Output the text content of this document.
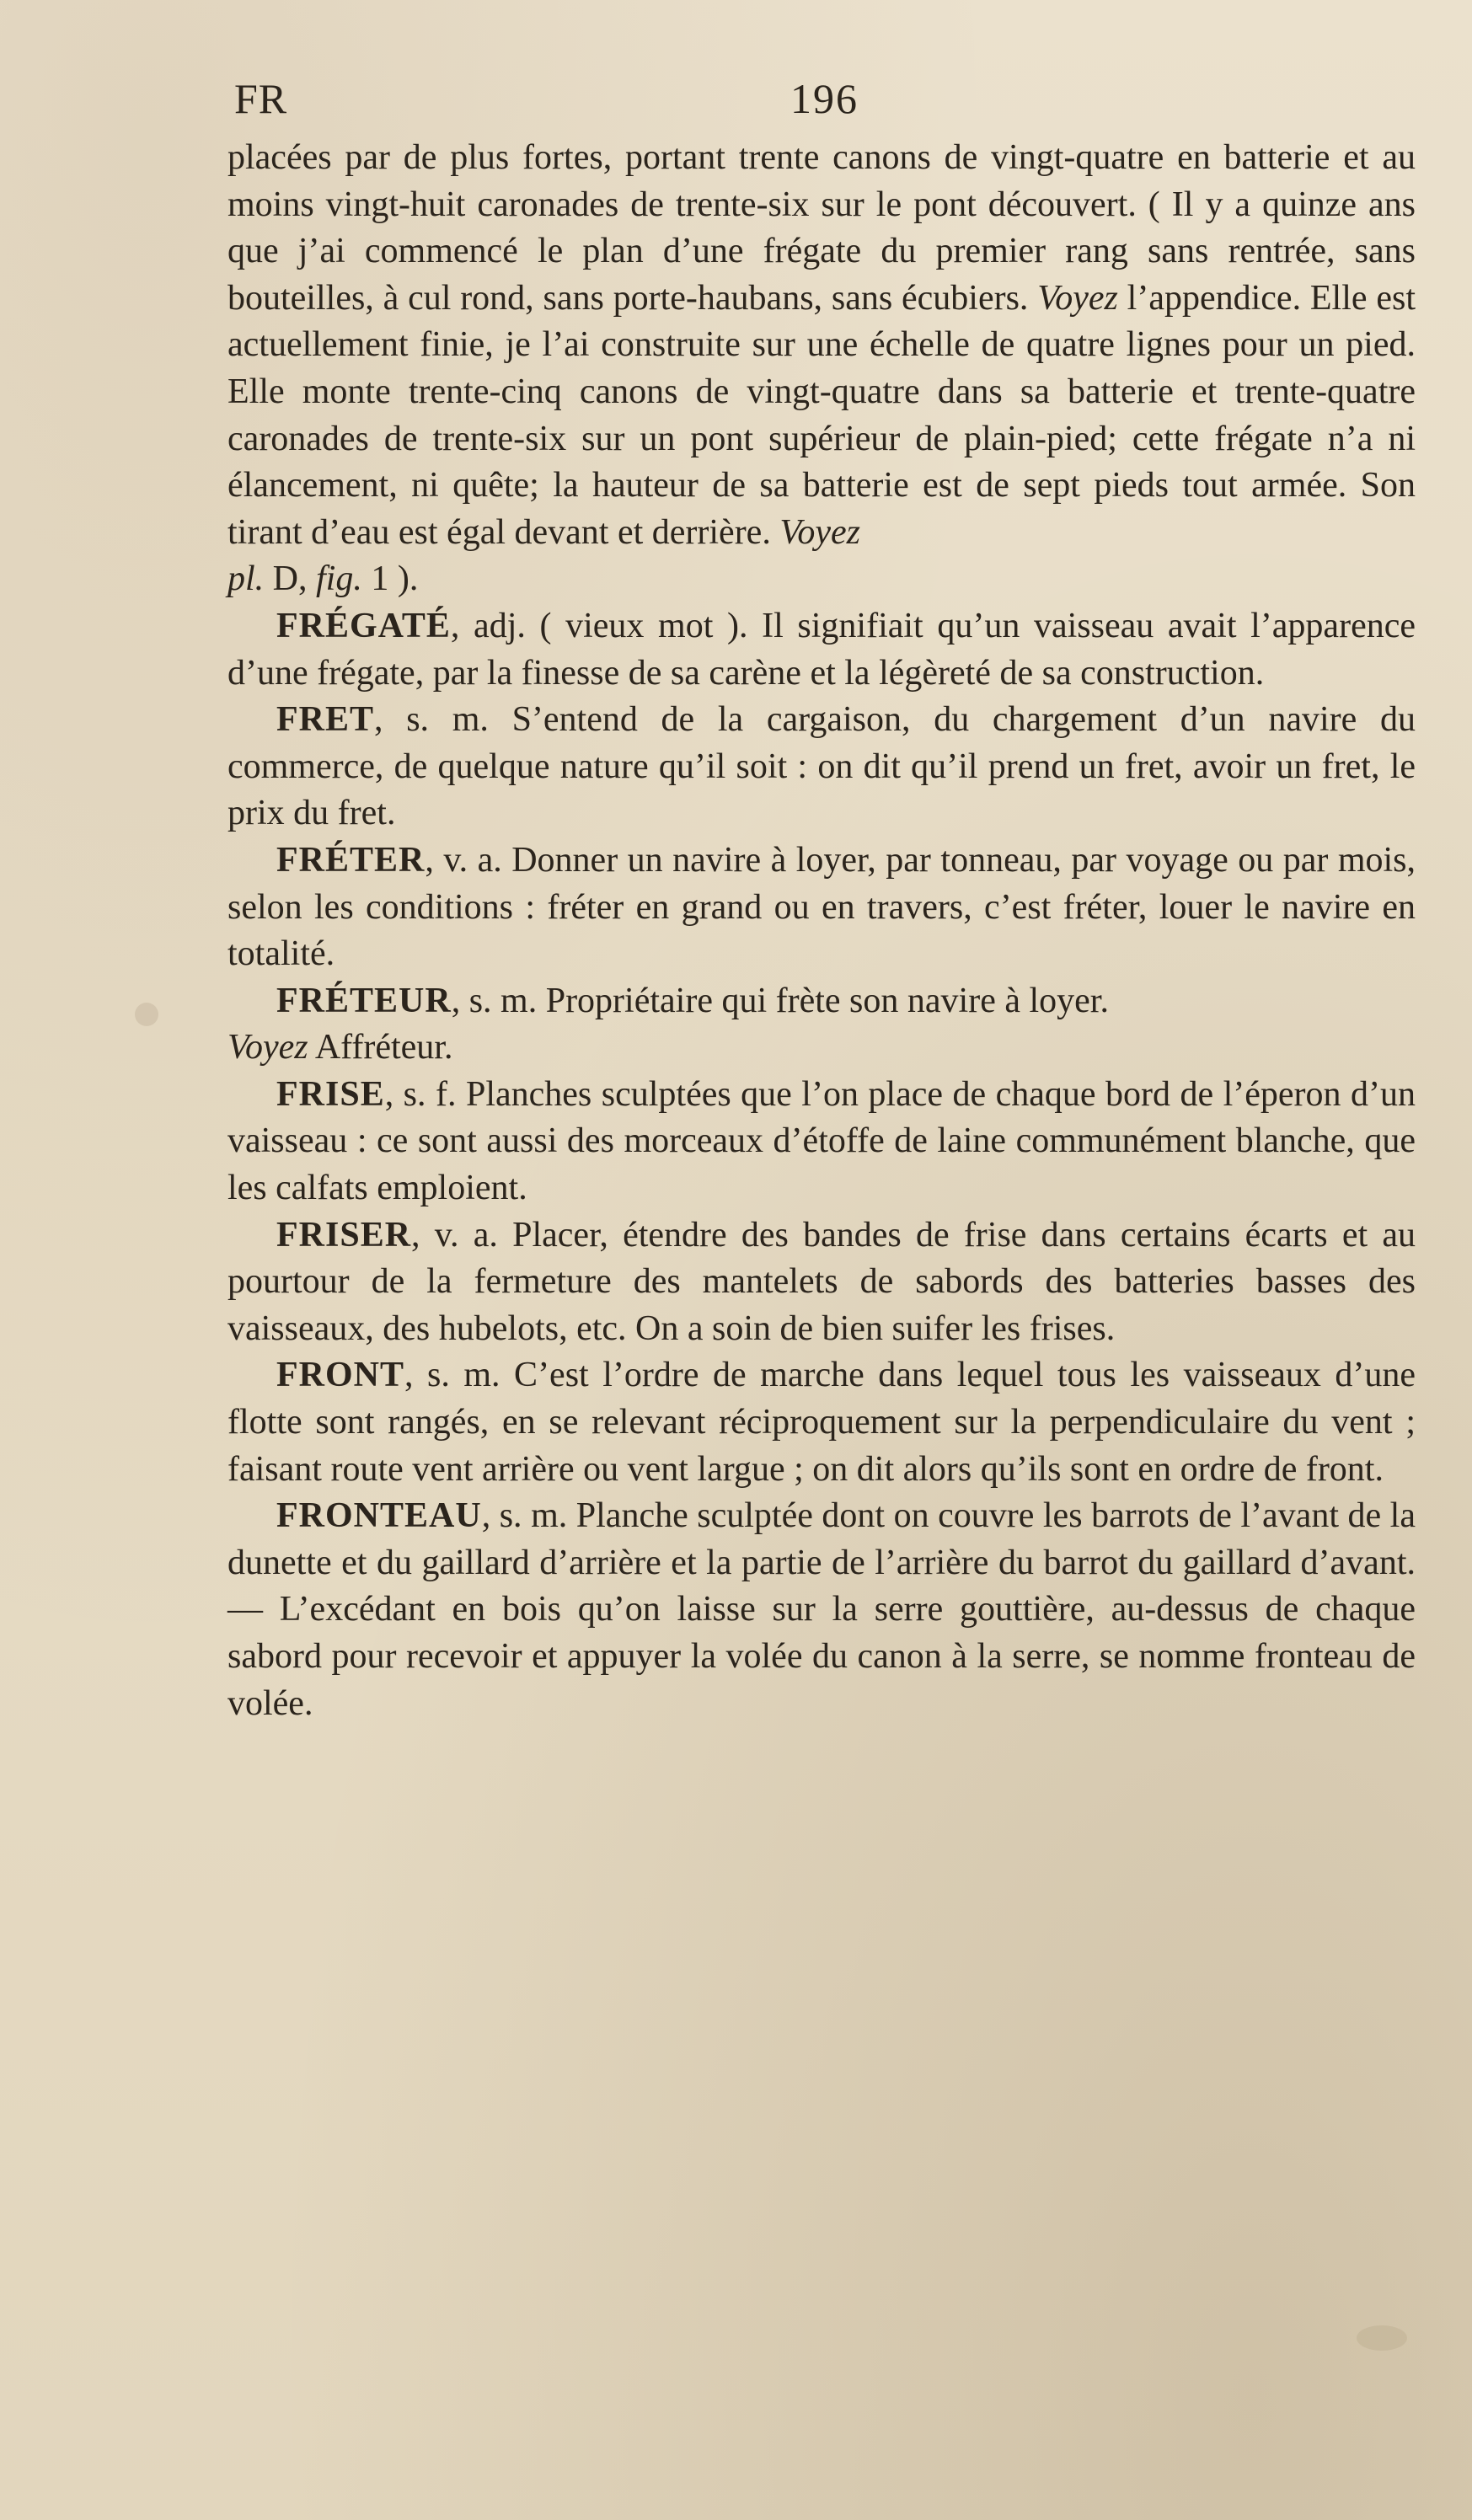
FR	196

placées par de plus fortes, portant trente canons de vingt-quatre en batterie et au moins vingt-huit caronades de trente-six sur le pont découvert. ( Il y a quinze ans que j’ai commencé le plan d’une frégate du premier rang sans rentrée, sans bouteilles, à cul rond, sans porte-haubans, sans écubiers. Voyez l’appendice. Elle est actuellement finie, je l’ai construite sur une échelle de quatre lignes pour un pied. Elle monte trente-cinq canons de vingt-quatre dans sa batterie et trente-quatre caronades de trente-six sur un pont supérieur de plain-pied; cette frégate n’a ni élancement, ni quête; la hauteur de sa batterie est de sept pieds tout armée. Son tirant d’eau est égal devant et derrière. Voyez
pl. D, fig. 1 ).

FRÉGATÉ, adj. ( vieux mot ). Il signifiait qu’un vaisseau avait l’apparence d’une frégate, par la finesse de sa carène et la légèreté de sa construction.

FRET, s. m. S’entend de la cargaison, du chargement d’un navire du commerce, de quelque nature qu’il soit : on dit qu’il prend un fret, avoir un fret, le prix du fret.

FRÉTER, v. a. Donner un navire à loyer, par tonneau, par voyage ou par mois, selon les conditions : fréter en grand ou en travers, c’est fréter, louer le navire en totalité.

FRÉTEUR, s. m. Propriétaire qui frète son navire à loyer.
Voyez Affréteur.

FRISE, s. f. Planches sculptées que l’on place de chaque bord de l’éperon d’un vaisseau : ce sont aussi des morceaux d’étoffe de laine communément blanche, que les calfats emploient.

FRISER, v. a. Placer, étendre des bandes de frise dans certains écarts et au pourtour de la fermeture des mantelets de sabords des batteries basses des vaisseaux, des hubelots, etc. On a soin de bien suifer les frises.

FRONT, s. m. C’est l’ordre de marche dans lequel tous les vaisseaux d’une flotte sont rangés, en se relevant réciproquement sur la perpendiculaire du vent ; faisant route vent arrière ou vent largue ; on dit alors qu’ils sont en ordre de front.

FRONTEAU, s. m. Planche sculptée dont on couvre les barrots de l’avant de la dunette et du gaillard d’arrière et la partie de l’arrière du barrot du gaillard d’avant. — L’excédant en bois qu’on laisse sur la serre gouttière, au-dessus de chaque sabord pour recevoir et appuyer la volée du canon à la serre, se nomme fronteau de volée.
